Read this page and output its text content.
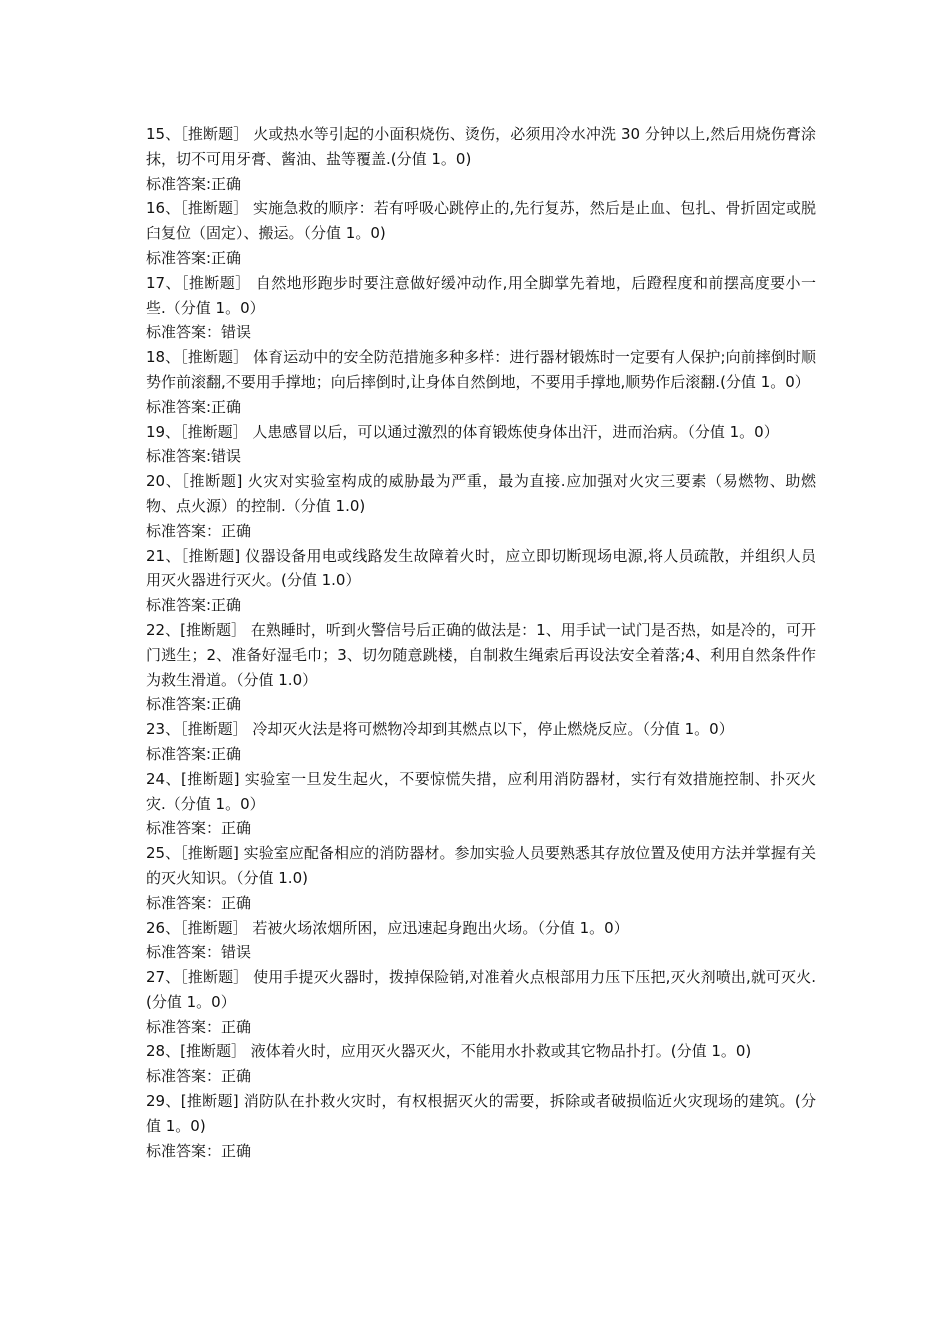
15、［推断题］ 火或热水等引起的小面积烧伤、烫伤，必须用冷水冲洗 30 分钟以上,然后用烧伤膏涂抹，切不可用牙膏、酱油、盐等覆盖.(分值 1。0)

标准答案:正确

16、［推断题］ 实施急救的顺序：若有呼吸心跳停止的,先行复苏，然后是止血、包扎、骨折固定或脱臼复位（固定）、搬运。（分值 1。0)

标准答案:正确

17、［推断题］ 自然地形跑步时要注意做好缓冲动作,用全脚掌先着地，后蹬程度和前摆高度要小一些.（分值 1。0）

标准答案：错误

18、［推断题］ 体育运动中的安全防范措施多种多样：进行器材锻炼时一定要有人保护;向前摔倒时顺势作前滚翻,不要用手撑地；向后摔倒时,让身体自然倒地，不要用手撑地,顺势作后滚翻.(分值 1。0）

标准答案:正确

19、［推断题］ 人患感冒以后，可以通过激烈的体育锻炼使身体出汗，进而治病。（分值 1。0）

标准答案:错误

20、［推断题] 火灾对实验室构成的威胁最为严重，最为直接.应加强对火灾三要素（易燃物、助燃物、点火源）的控制.（分值 1.0)

标准答案：正确

21、［推断题] 仪器设备用电或线路发生故障着火时，应立即切断现场电源,将人员疏散，并组织人员用灭火器进行灭火。(分值 1.0）

标准答案:正确

22、[推断题］ 在熟睡时，听到火警信号后正确的做法是：1、用手试一试门是否热，如是冷的，可开门逃生；2、准备好湿毛巾；3、切勿随意跳楼，自制救生绳索后再设法安全着落;4、利用自然条件作为救生滑道。（分值 1.0）

标准答案:正确

23、［推断题］ 冷却灭火法是将可燃物冷却到其燃点以下，停止燃烧反应。（分值 1。0）

标准答案:正确

24、[推断题] 实验室一旦发生起火，不要惊慌失措，应利用消防器材，实行有效措施控制、扑灭火灾.（分值 1。0）

标准答案：正确

25、［推断题] 实验室应配备相应的消防器材。参加实验人员要熟悉其存放位置及使用方法并掌握有关的灭火知识。（分值 1.0)

标准答案：正确

26、［推断题］ 若被火场浓烟所困，应迅速起身跑出火场。（分值 1。0）

标准答案：错误

27、［推断题］ 使用手提灭火器时，拨掉保险销,对准着火点根部用力压下压把,灭火剂喷出,就可灭火.(分值 1。0）

标准答案：正确

28、[推断题］ 液体着火时，应用灭火器灭火，不能用水扑救或其它物品扑打。(分值 1。0)

标准答案：正确

29、[推断题] 消防队在扑救火灾时，有权根据灭火的需要，拆除或者破损临近火灾现场的建筑。(分值 1。0)

标准答案：正确
